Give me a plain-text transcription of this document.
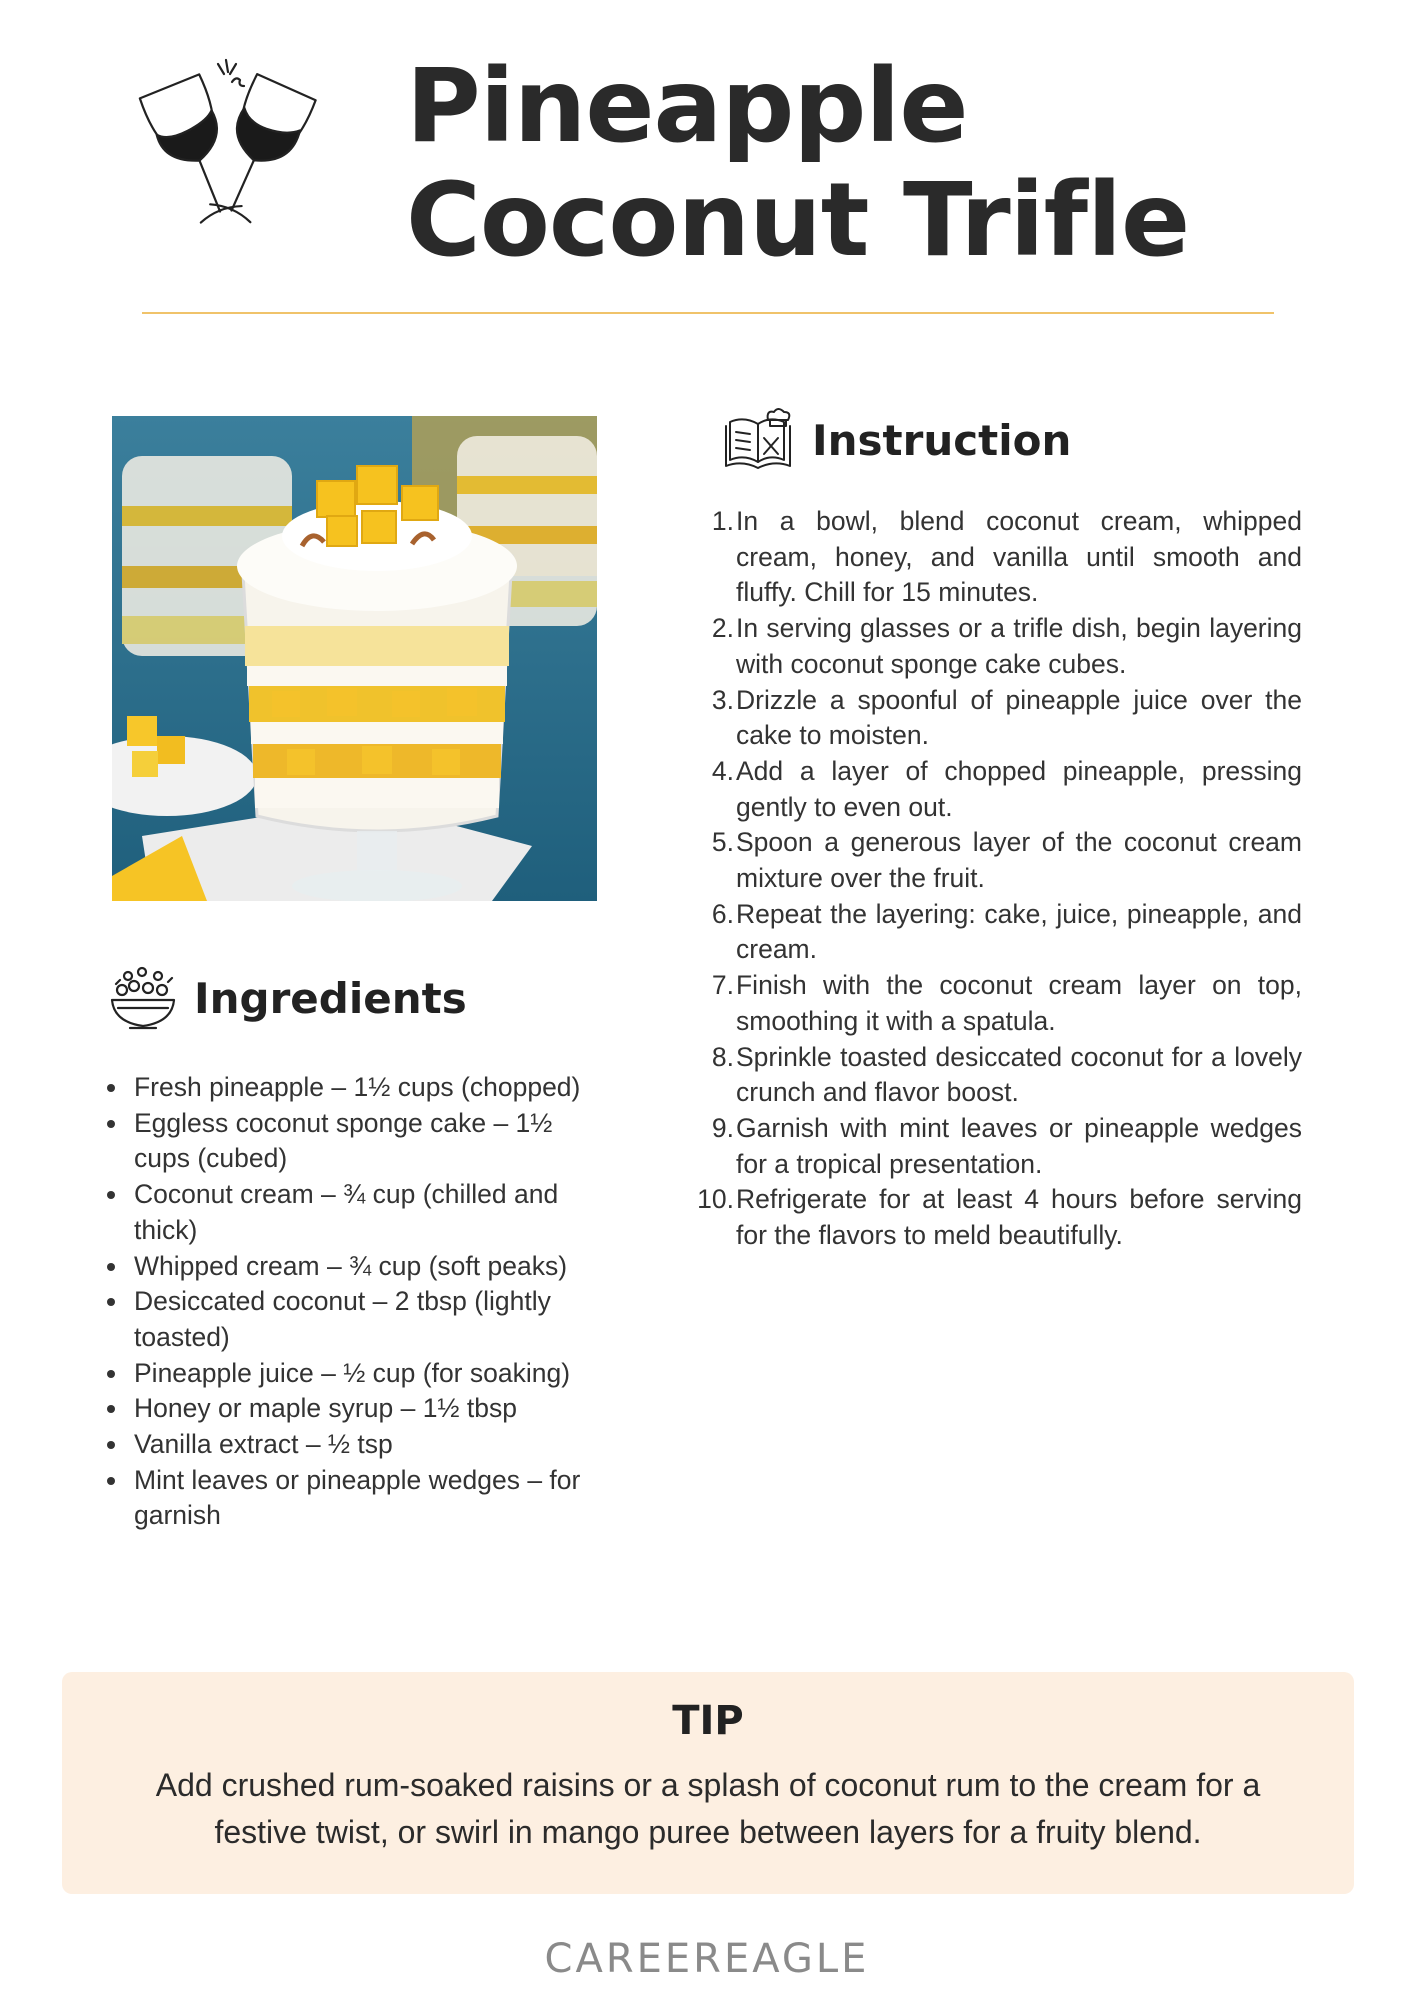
Pineapple
Coconut Trifle
Instruction
1. In a bowl, blend coconut cream, whipped cream, honey, and vanilla until smooth and fluffy. Chill for 15 minutes.
2. In serving glasses or a trifle dish, begin layering with coconut sponge cake cubes.
3. Drizzle a spoonful of pineapple juice over the cake to moisten.
4. Add a layer of chopped pineapple, pressing gently to even out.
5. Spoon a generous layer of the coconut cream mixture over the fruit.
6. Repeat the layering: cake, juice, pineapple, and cream.
7. Finish with the coconut cream layer on top, smoothing it with a spatula.
8. Sprinkle toasted desiccated coconut for a lovely crunch and flavor boost.
9. Garnish with mint leaves or pineapple wedges for a tropical presentation.
10. Refrigerate for at least 4 hours before serving for the flavors to meld beautifully.
Ingredients
Fresh pineapple – 1½ cups (chopped)
Eggless coconut sponge cake – 1½ cups (cubed)
Coconut cream – ¾ cup (chilled and thick)
Whipped cream – ¾ cup (soft peaks)
Desiccated coconut – 2 tbsp (lightly toasted)
Pineapple juice – ½ cup (for soaking)
Honey or maple syrup – 1½ tbsp
Vanilla extract – ½ tsp
Mint leaves or pineapple wedges – for garnish
TIP
Add crushed rum-soaked raisins or a splash of coconut rum to the cream for a festive twist, or swirl in mango puree between layers for a fruity blend.
CAREEREAGLE
